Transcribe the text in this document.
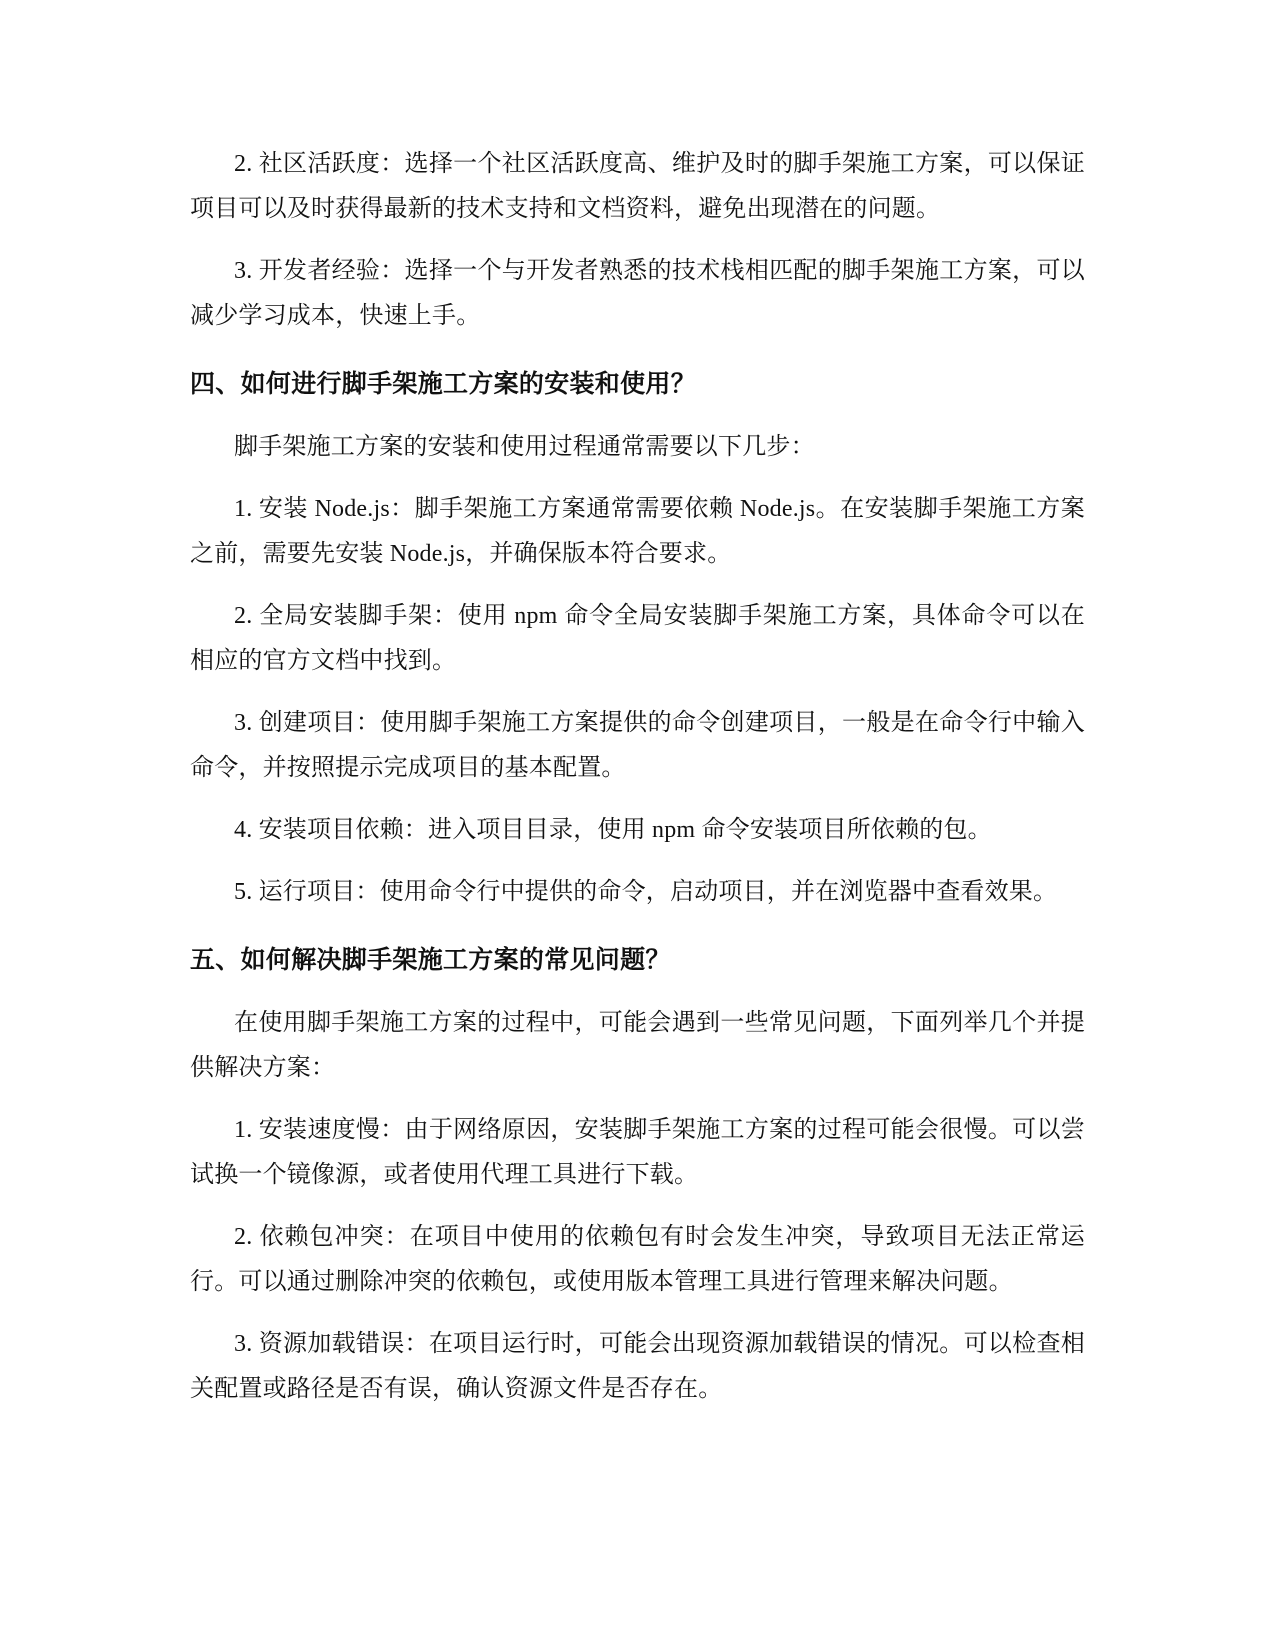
2. 社区活跃度：选择一个社区活跃度高、维护及时的脚手架施工方案，可以保证项目可以及时获得最新的技术支持和文档资料，避免出现潜在的问题。

3. 开发者经验：选择一个与开发者熟悉的技术栈相匹配的脚手架施工方案，可以减少学习成本，快速上手。

四、如何进行脚手架施工方案的安装和使用？

脚手架施工方案的安装和使用过程通常需要以下几步：

1. 安装 Node.js：脚手架施工方案通常需要依赖 Node.js。在安装脚手架施工方案之前，需要先安装 Node.js，并确保版本符合要求。

2. 全局安装脚手架：使用 npm 命令全局安装脚手架施工方案，具体命令可以在相应的官方文档中找到。

3. 创建项目：使用脚手架施工方案提供的命令创建项目，一般是在命令行中输入命令，并按照提示完成项目的基本配置。

4. 安装项目依赖：进入项目目录，使用 npm 命令安装项目所依赖的包。

5. 运行项目：使用命令行中提供的命令，启动项目，并在浏览器中查看效果。

五、如何解决脚手架施工方案的常见问题？

在使用脚手架施工方案的过程中，可能会遇到一些常见问题，下面列举几个并提供解决方案：

1. 安装速度慢：由于网络原因，安装脚手架施工方案的过程可能会很慢。可以尝试换一个镜像源，或者使用代理工具进行下载。

2. 依赖包冲突：在项目中使用的依赖包有时会发生冲突，导致项目无法正常运行。可以通过删除冲突的依赖包，或使用版本管理工具进行管理来解决问题。

3. 资源加载错误：在项目运行时，可能会出现资源加载错误的情况。可以检查相关配置或路径是否有误，确认资源文件是否存在。
